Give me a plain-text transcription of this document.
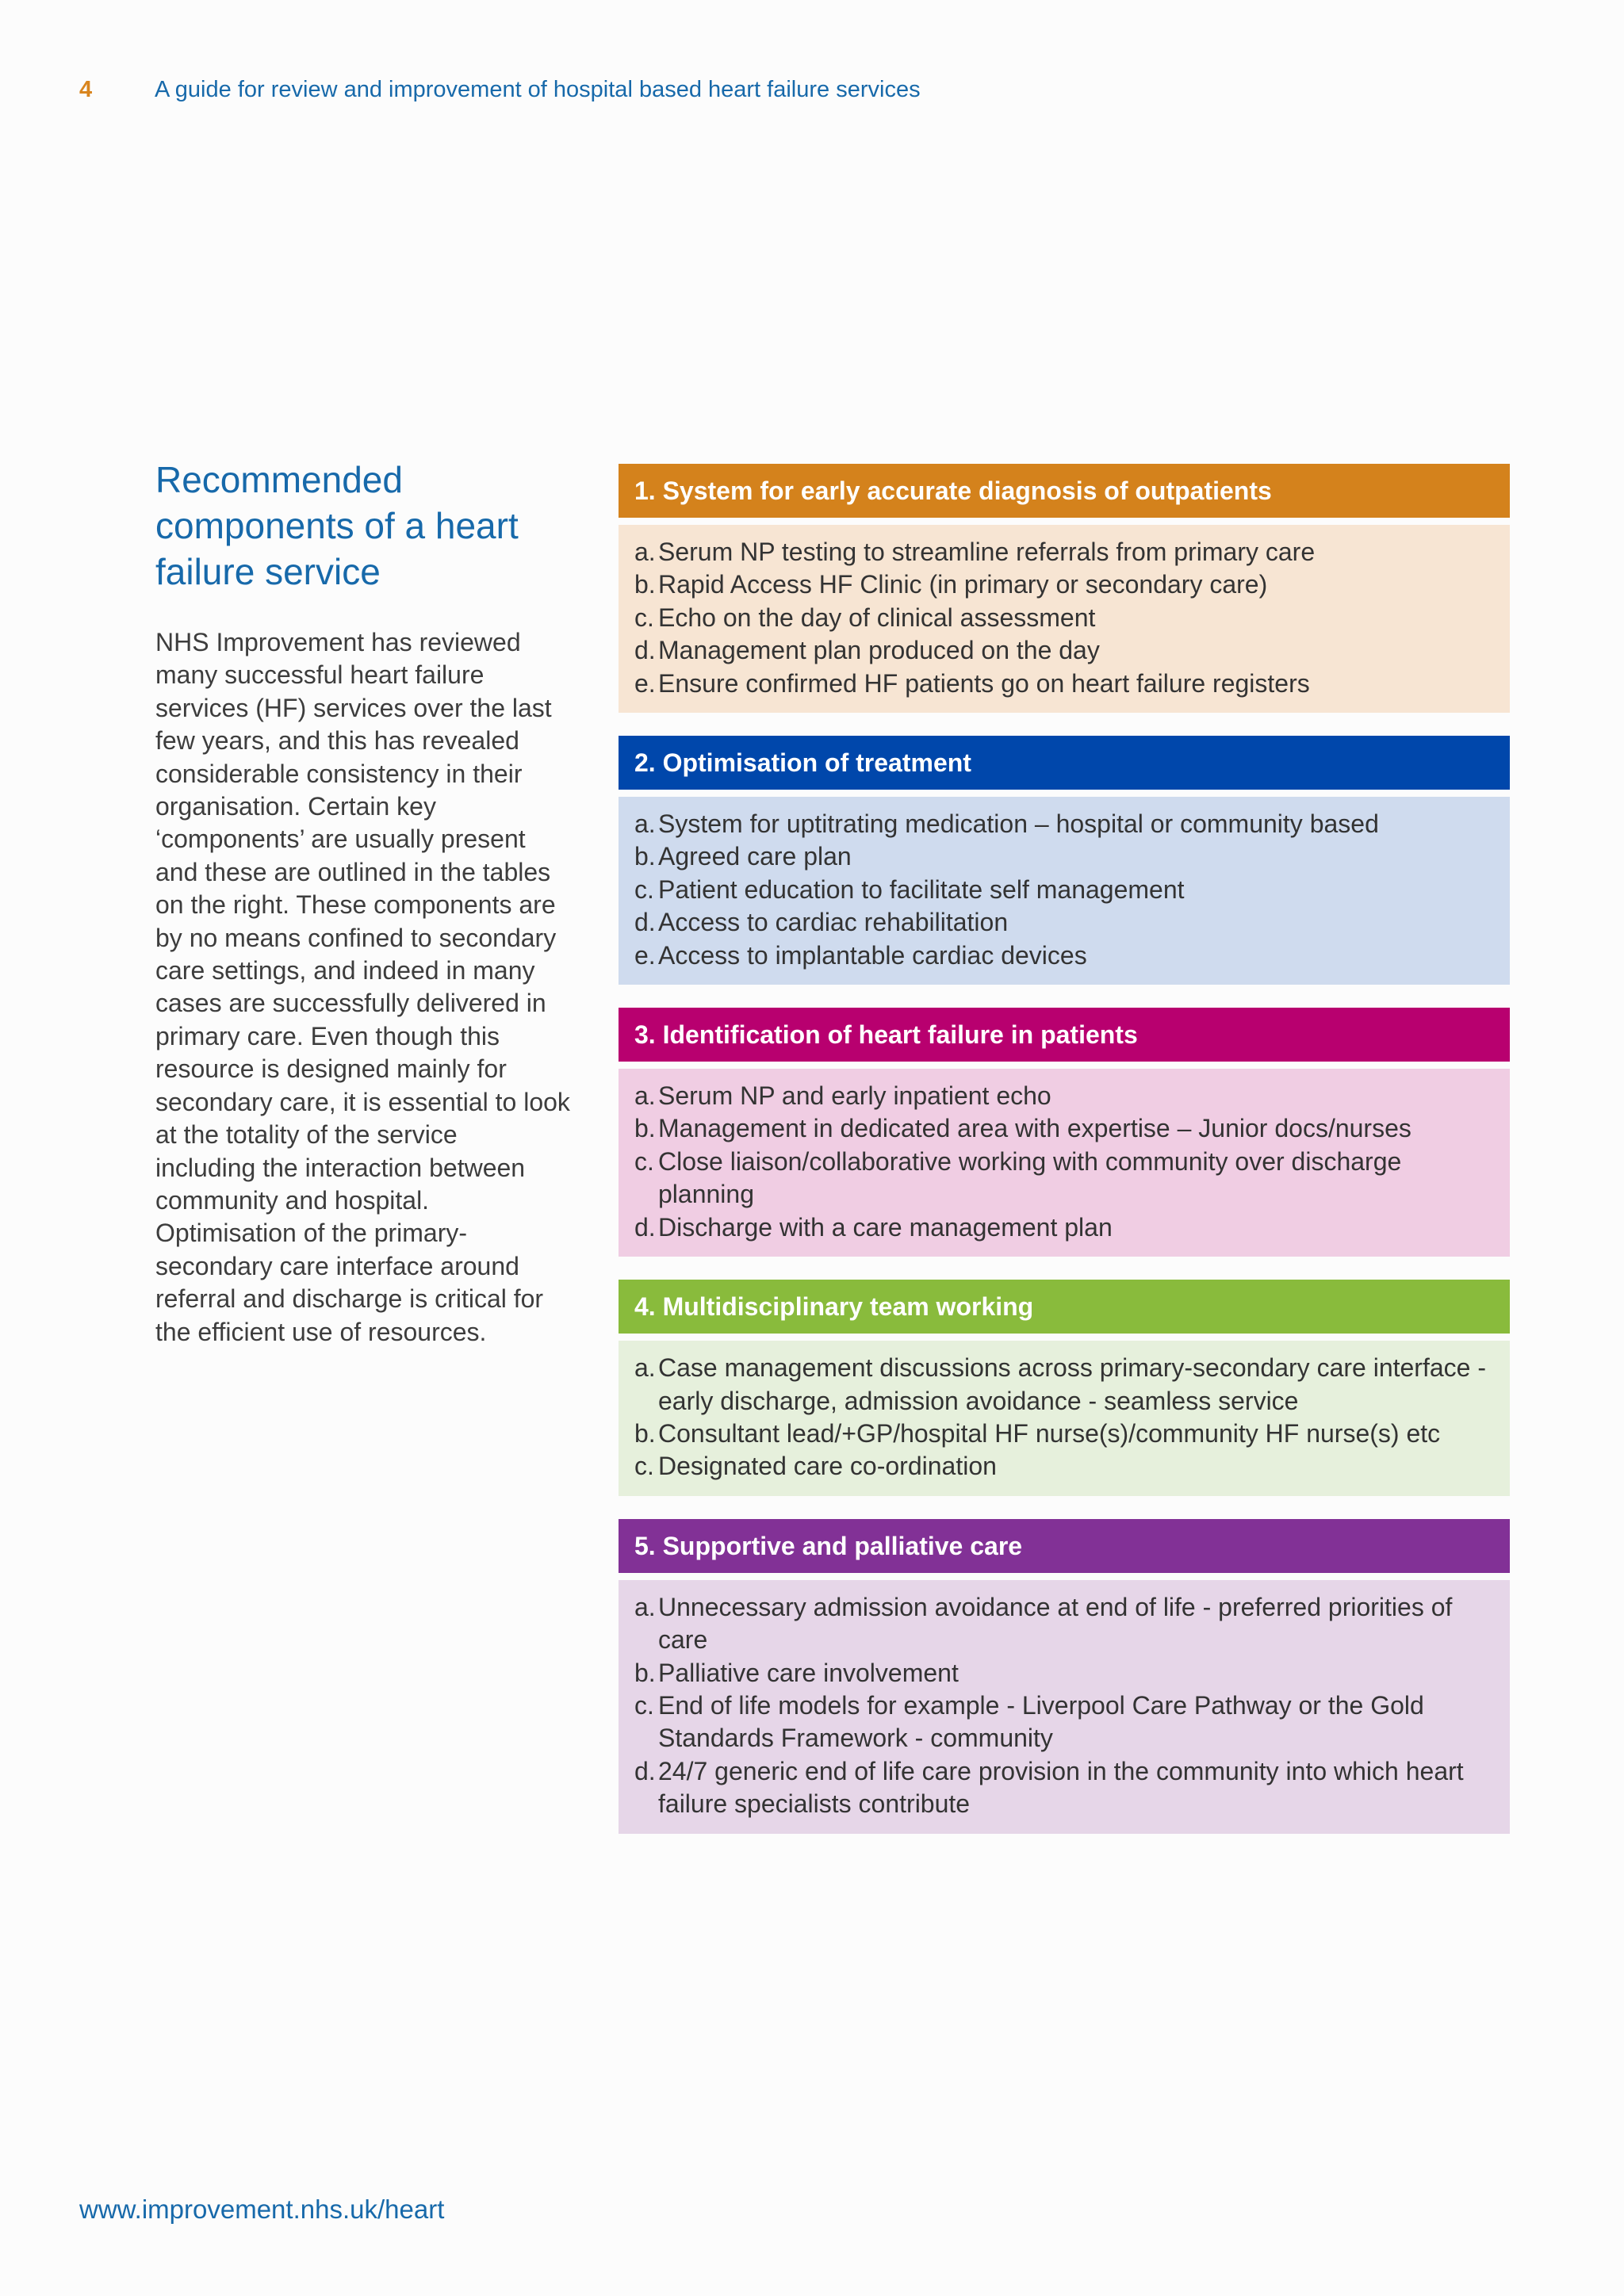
4	A guide for review and improvement of hospital based heart failure services
Recommended
components of a heart
failure service

NHS Improvement has reviewed
many successful heart failure
services (HF) services over the last
few years, and this has revealed
considerable consistency in their
organisation. Certain key
‘components’ are usually present
and these are outlined in the tables
on the right. These components are
by no means confined to secondary
care settings, and indeed in many
cases are successfully delivered in
primary care. Even though this
resource is designed mainly for
secondary care, it is essential to look
at the totality of the service
including the interaction between
community and hospital.
Optimisation of the primary-
secondary care interface around
referral and discharge is critical for
the efficient use of resources.

1. System for early accurate diagnosis of outpatients
a. Serum NP testing to streamline referrals from primary care
b. Rapid Access HF Clinic (in primary or secondary care)
c. Echo on the day of clinical assessment
d. Management plan produced on the day
e. Ensure confirmed HF patients go on heart failure registers
2. Optimisation of treatment
a. System for uptitrating medication – hospital or community based
b. Agreed care plan
c. Patient education to facilitate self management
d. Access to cardiac rehabilitation
e. Access to implantable cardiac devices
3. Identification of heart failure in patients
a. Serum NP and early inpatient echo
b. Management in dedicated area with expertise – Junior docs/nurses
c. Close liaison/collaborative working with community over discharge planning
d. Discharge with a care management plan
4. Multidisciplinary team working
a. Case management discussions across primary-secondary care interface - early discharge, admission avoidance - seamless service
b. Consultant lead/+GP/hospital HF nurse(s)/community HF nurse(s) etc
c. Designated care co-ordination
5. Supportive and palliative care
a. Unnecessary admission avoidance at end of life - preferred priorities of care
b. Palliative care involvement
c. End of life models for example - Liverpool Care Pathway or the Gold Standards Framework - community
d. 24/7 generic end of life care provision in the community into which heart failure specialists contribute
www.improvement.nhs.uk/heart
